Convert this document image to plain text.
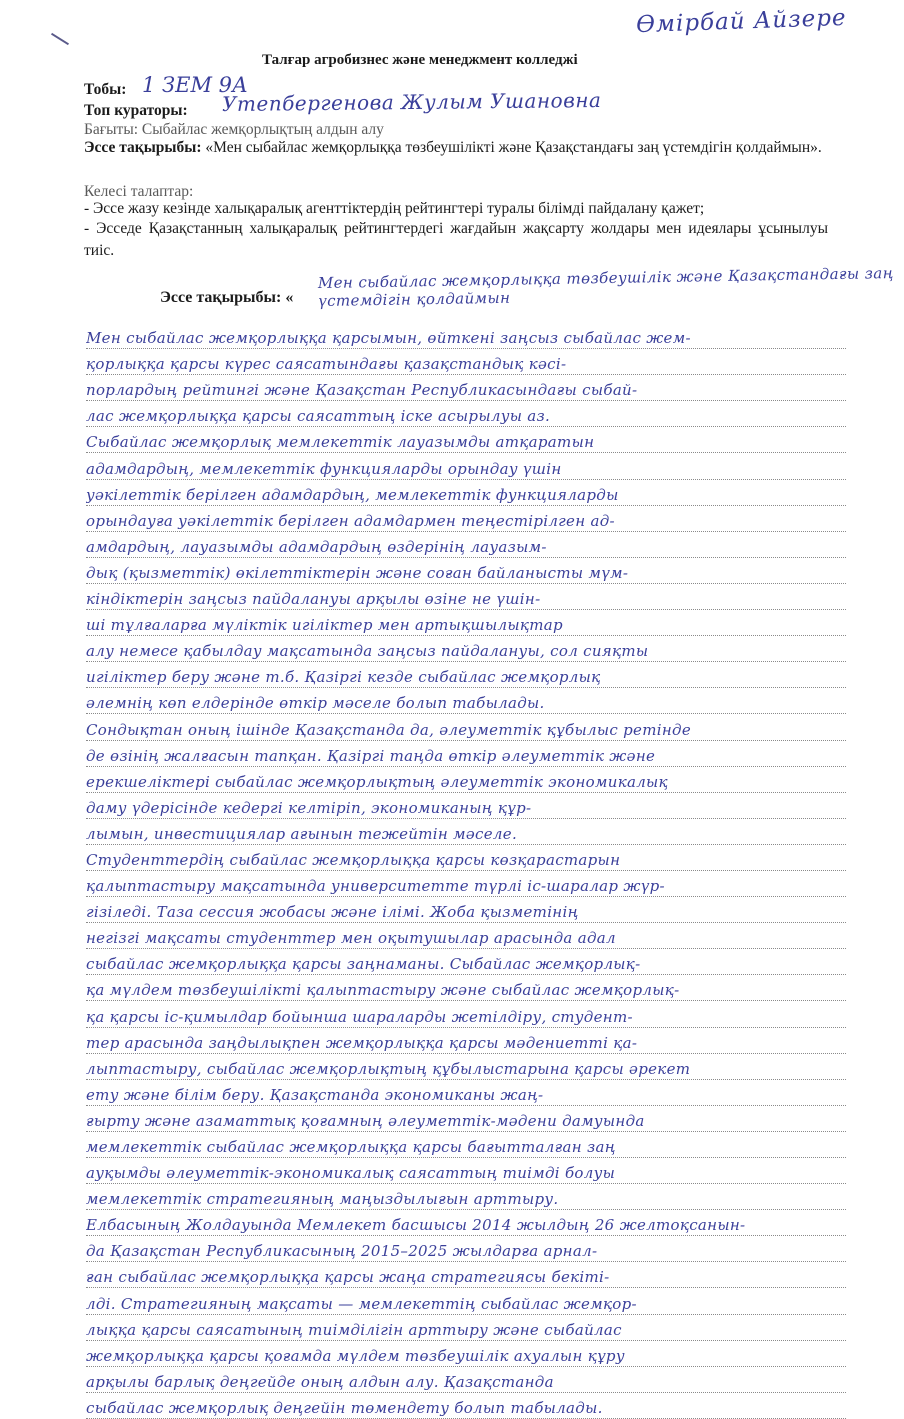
Өмірбай Айзере
Талғар агробизнес және менеджмент колледжі
Тобы: 1 ЗЕМ 9А
Топ кураторы: Утепбергенова Жулым Ушановна
Бағыты: Сыбайлас жемқорлықтың алдын алу
Эссе тақырыбы: «Мен сыбайлас жемқорлыққа төзбеушілікті және Қазақстандағы заң үстемдігін қолдаймын».
Келесі талаптар:
- Эссе жазу кезінде халықаралық агенттіктердің рейтингтері туралы білімді пайдалану қажет;
- Эсседе Қазақстанның халықаралық рейтингтердегі жағдайын жақсарту жолдары мен идеялары ұсынылуы тиіс.
Эссе тақырыбы: «
Мен сыбайлас жемқорлыққа төзбеушілік және Қазақстандағы заң үстемдігін қолдаймын
Мен сыбайлас жемқорлыққа қарсымын, өйткені заңсыз сыбайлас жем-
қорлыққа қарсы күрес саясатындағы қазақстандық кәсі-
порлардың рейтингі және Қазақстан Республикасындағы сыбай-
лас жемқорлыққа қарсы саясаттың іске асырылуы аз.
Сыбайлас жемқорлық мемлекеттік лауазымды атқаратын
адамдардың, мемлекеттік функцияларды орындау үшін
уәкілеттік берілген адамдардың, мемлекеттік функцияларды
орындауға уәкілеттік берілген адамдармен теңестірілген ад-
амдардың, лауазымды адамдардың өздерінің лауазым-
дық (қызметтік) өкілеттіктерін және соған байланысты мүм-
кіндіктерін заңсыз пайдалануы арқылы өзіне не үшін-
ші тұлғаларға мүліктік игіліктер мен артықшылықтар
алу немесе қабылдау мақсатында заңсыз пайдалануы, сол сияқты
игіліктер беру және т.б. Қазіргі кезде сыбайлас жемқорлық
әлемнің көп елдерінде өткір мәселе болып табылады.
Сондықтан оның ішінде Қазақстанда да, әлеуметтік құбылыс ретінде
де өзінің жалғасын тапқан. Қазіргі таңда өткір әлеуметтік және
ерекшеліктері сыбайлас жемқорлықтың әлеуметтік экономикалық
даму үдерісінде кедергі келтіріп, экономиканың құр-
лымын, инвестициялар ағынын тежейтін мәселе.
Студенттердің сыбайлас жемқорлыққа қарсы көзқарастарын
қалыптастыру мақсатында университетте түрлі іс-шаралар жүр-
гізіледі. Таза сессия жобасы және ілімі. Жоба қызметінің
негізгі мақсаты студенттер мен оқытушылар арасында адал
сыбайлас жемқорлыққа қарсы заңнаманы. Сыбайлас жемқорлық-
қа мүлдем төзбеушілікті қалыптастыру және сыбайлас жемқорлық-
қа қарсы іс-қимылдар бойынша шараларды жетілдіру, студент-
тер арасында заңдылықпен жемқорлыққа қарсы мәдениетті қа-
лыптастыру, сыбайлас жемқорлықтың құбылыстарына қарсы әрекет
ету және білім беру. Қазақстанда экономиканы жаң-
ғырту және азаматтық қоғамның әлеуметтік-мәдени дамуында
мемлекеттік сыбайлас жемқорлыққа қарсы бағытталған заң
ауқымды әлеуметтік-экономикалық саясаттың тиімді болуы
мемлекеттік стратегияның маңыздылығын арттыру.
Елбасының Жолдауында Мемлекет басшысы 2014 жылдың 26 желтоқсанын-
да Қазақстан Республикасының 2015–2025 жылдарға арнал-
ған сыбайлас жемқорлыққа қарсы жаңа стратегиясы бекіті-
лді. Стратегияның мақсаты — мемлекеттің сыбайлас жемқор-
лыққа қарсы саясатының тиімділігін арттыру және сыбайлас
жемқорлыққа қарсы қоғамда мүлдем төзбеушілік ахуалын құру
арқылы барлық деңгейде оның алдын алу. Қазақстанда
сыбайлас жемқорлық деңгейін төмендету болып табылады.
